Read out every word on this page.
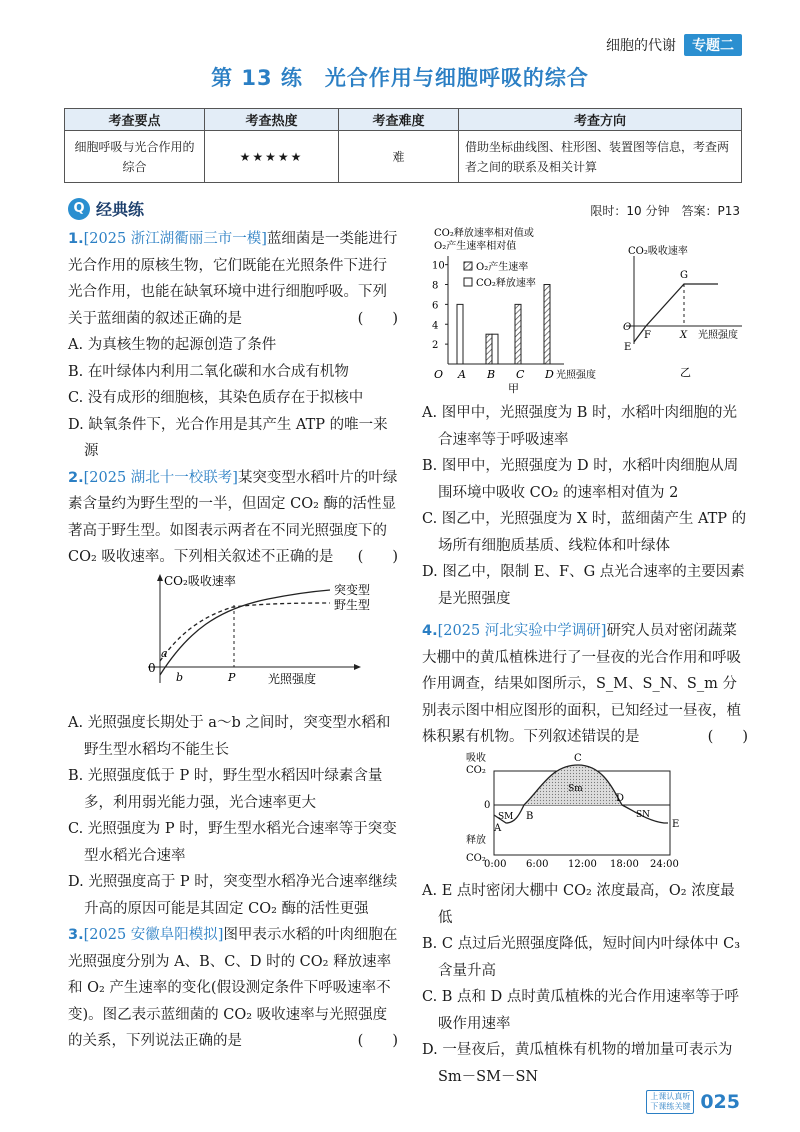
细胞的代谢	专题二
第 13 练　光合作用与细胞呼吸的综合
考查要点	考查热度	考查难度	考查方向
细胞呼吸与光合作用的综合	★★★★★	难	借助坐标曲线图、柱形图、装置图等信息，考查两者之间的联系及相关计算
Q 经典练	限时：10 分钟　答案：P13
1.[2025 浙江湖衢丽三市一模]蓝细菌是一类能进行光合作用的原核生物，它们既能在光照条件下进行光合作用，也能在缺氧环境中进行细胞呼吸。下列关于蓝细菌的叙述正确的是	(　　)
A. 为真核生物的起源创造了条件
B. 在叶绿体内利用二氧化碳和水合成有机物
C. 没有成形的细胞核，其染色质存在于拟核中
D. 缺氧条件下，光合作用是其产生 ATP 的唯一来源
2.[2025 湖北十一校联考]某突变型水稻叶片的叶绿素含量约为野生型的一半，但固定 CO₂ 酶的活性显著高于野生型。如图表示两者在不同光照强度下的 CO₂ 吸收速率。下列相关叙述不正确的是 (　　)
CO₂吸收速率
光照强度
0
a
b	P
突变型
野生型
A. 光照强度长期处于 a～b 之间时，突变型水稻和野生型水稻均不能生长
B. 光照强度低于 P 时，野生型水稻因叶绿素含量多，利用弱光能力强，光合速率更大
C. 光照强度为 P 时，野生型水稻光合速率等于突变型水稻光合速率
D. 光照强度高于 P 时，突变型水稻净光合速率继续升高的原因可能是其固定 CO₂ 酶的活性更强
3.[2025 安徽阜阳模拟]图甲表示水稻的叶肉细胞在光照强度分别为 A、B、C、D 时的 CO₂ 释放速率和 O₂ 产生速率的变化(假设测定条件下呼吸速率不变)。图乙表示蓝细菌的 CO₂ 吸收速率与光照强度的关系，下列说法正确的是	(　　)
CO₂释放速率相对值或
O₂产生速率相对值
10
8
6
4
2
A B C D
O₂产生速率
CO₂释放速率
O	光照强度
甲
CO₂吸收速率
O
E
F
G
X 光照强度
乙
A. 图甲中，光照强度为 B 时，水稻叶肉细胞的光合速率等于呼吸速率
B. 图甲中，光照强度为 D 时，水稻叶肉细胞从周围环境中吸收 CO₂ 的速率相对值为 2
C. 图乙中，光照强度为 X 时，蓝细菌产生 ATP 的场所有细胞质基质、线粒体和叶绿体
D. 图乙中，限制 E、F、G 点光合速率的主要因素是光照强度
4.[2025 河北实验中学调研]研究人员对密闭蔬菜大棚中的黄瓜植株进行了一昼夜的光合作用和呼吸作用调查，结果如图所示，S_M、S_N、S_m 分别表示图中相应图形的面积，已知经过一昼夜，植株积累有机物。下列叙述错误的是	(　　)
吸收
CO₂
释放
CO₂
0
SM
Sm
SN
A
B
C
D
E
0:00 6:00 12:00 18:00 24:00
A. E 点时密闭大棚中 CO₂ 浓度最高，O₂ 浓度最低
B. C 点过后光照强度降低，短时间内叶绿体中 C₃ 含量升高
C. B 点和 D 点时黄瓜植株的光合作用速率等于呼吸作用速率
D. 一昼夜后，黄瓜植株有机物的增加量可表示为 Sm－SM－SN
上课认真听
下课练关键 025
